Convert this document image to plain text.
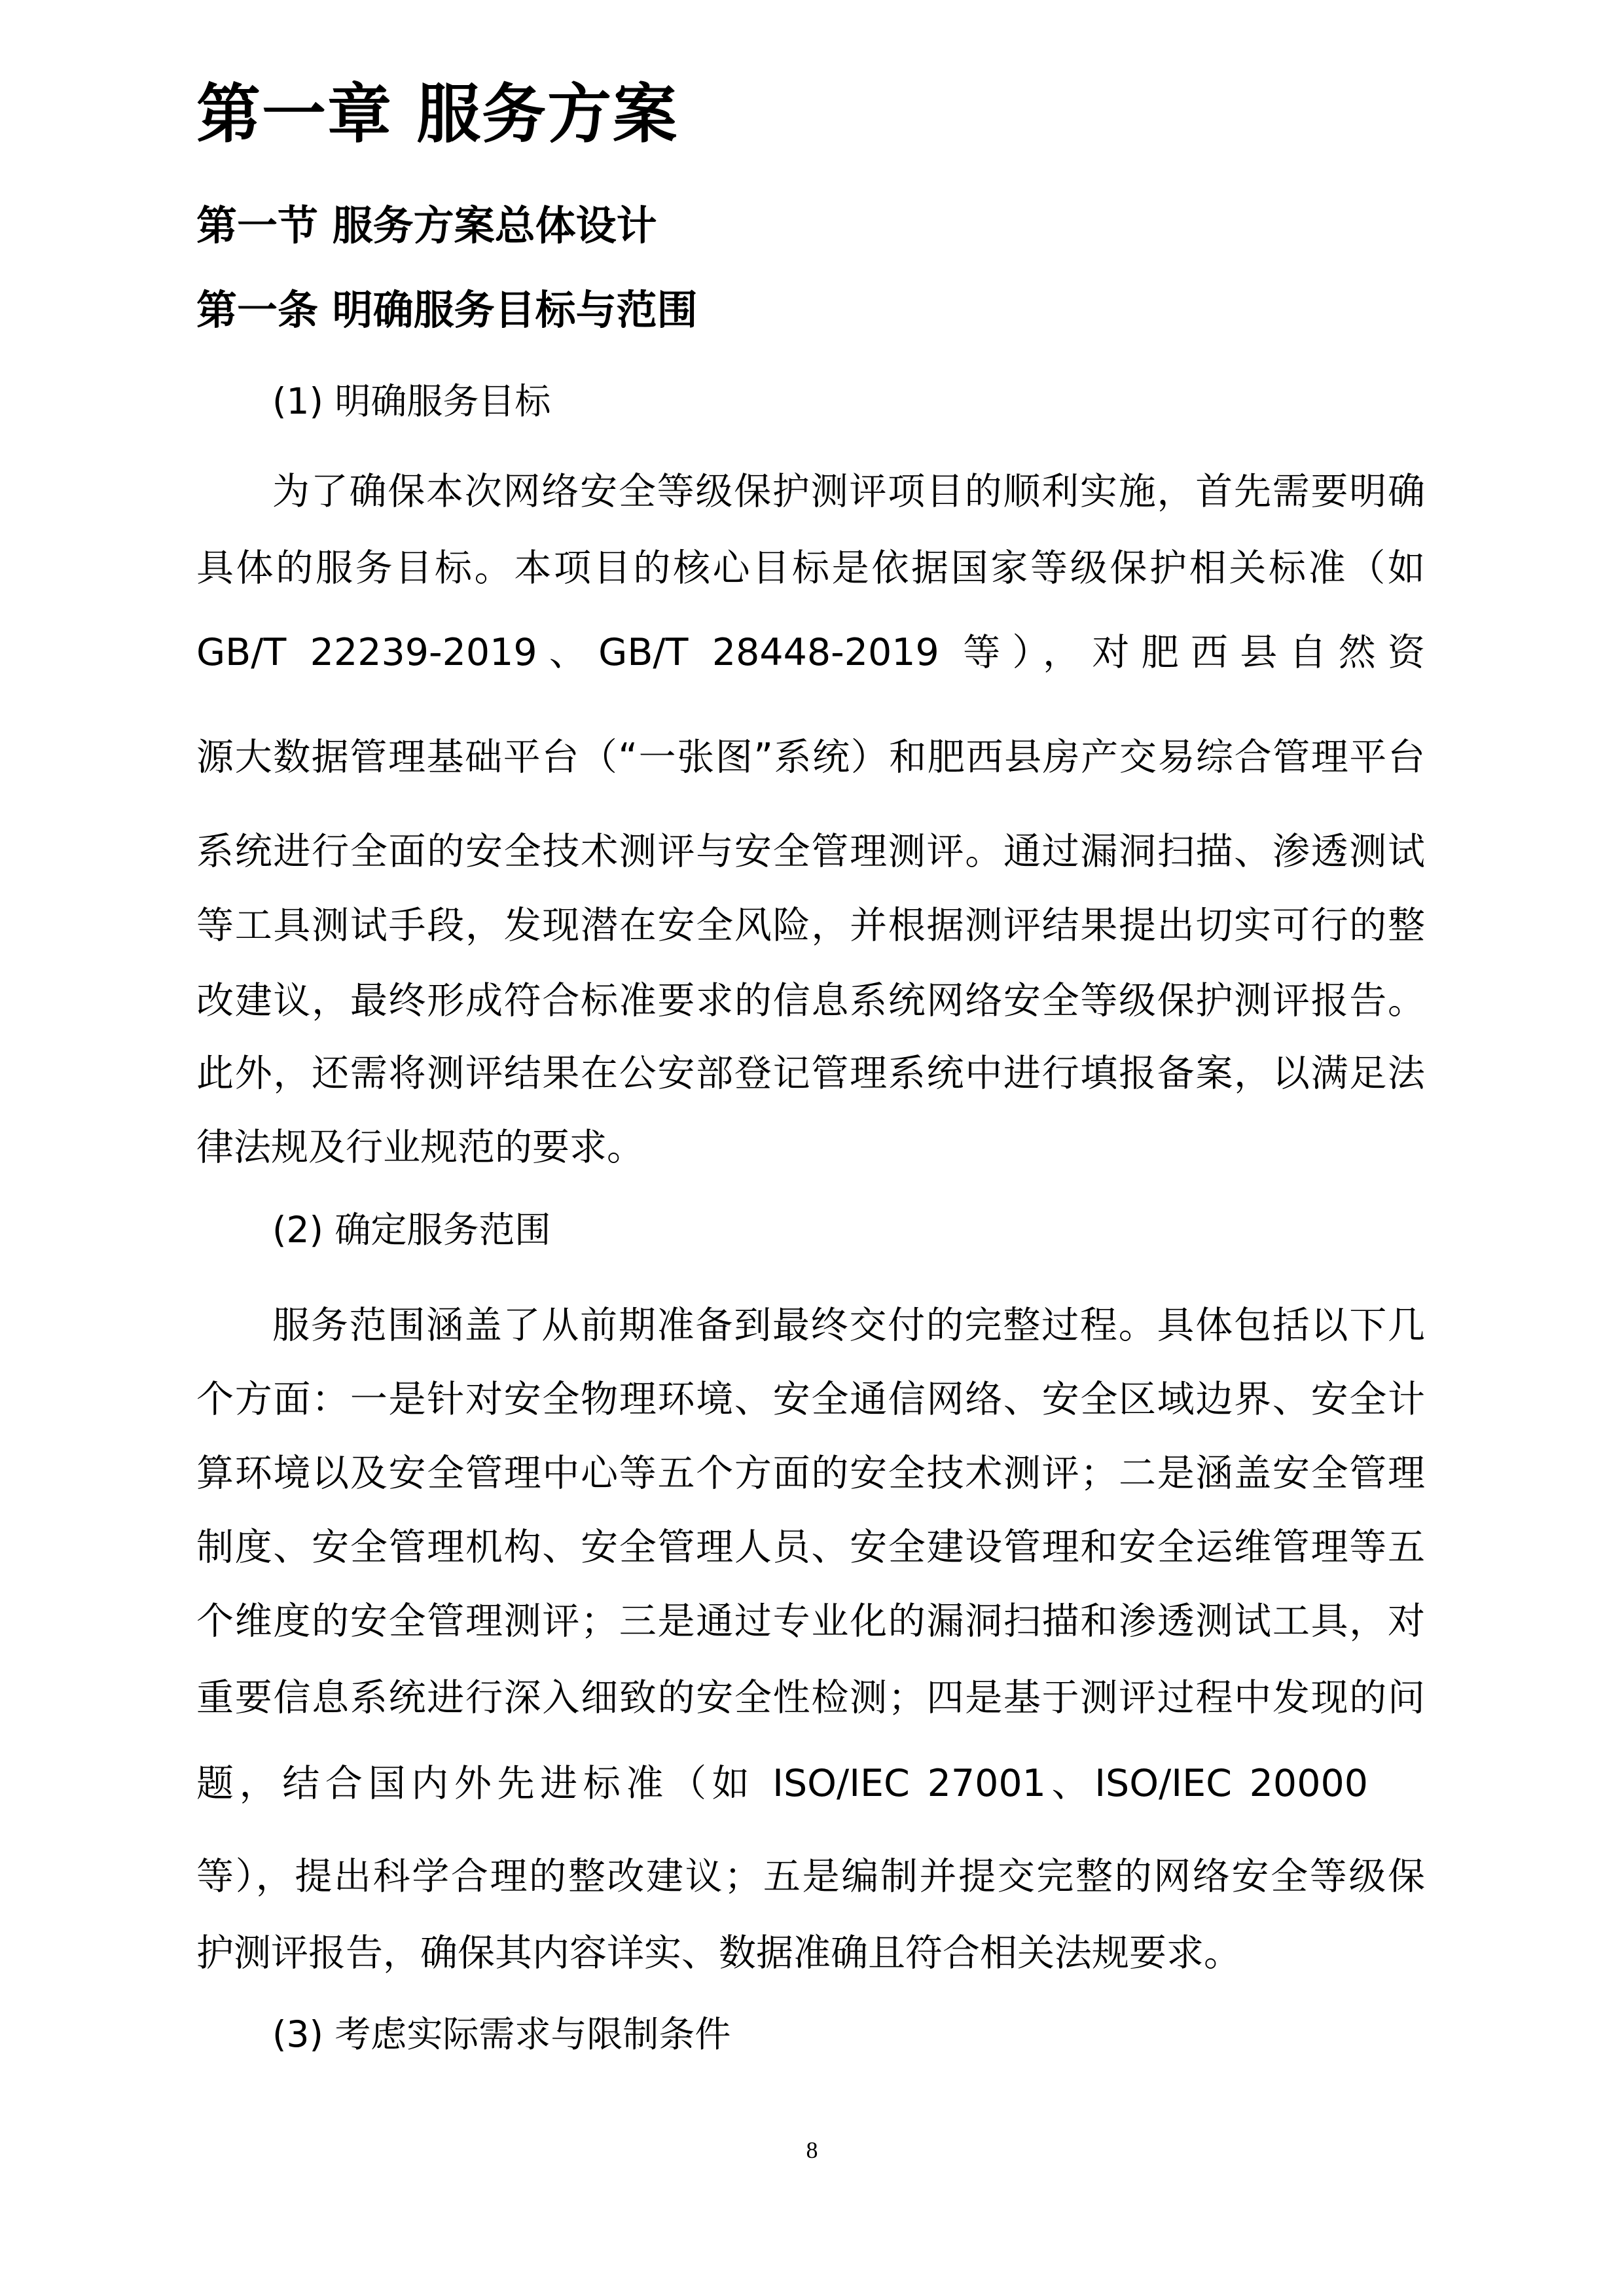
第一章 服务方案
第一节 服务方案总体设计
第一条 明确服务目标与范围
(1) 明确服务目标
为了确保本次网络安全等级保护测评项目的顺利实施，首先需要明确
具体的服务目标。本项目的核心目标是依据国家等级保护相关标准（如
GB/T 22239-2019、GB/T 28448-2019 等），对肥西县自然资
源大数据管理基础平台（“一张图”系统）和肥西县房产交易综合管理平台
系统进行全面的安全技术测评与安全管理测评。通过漏洞扫描、渗透测试
等工具测试手段，发现潜在安全风险，并根据测评结果提出切实可行的整
改建议，最终形成符合标准要求的信息系统网络安全等级保护测评报告。
此外，还需将测评结果在公安部登记管理系统中进行填报备案，以满足法
律法规及行业规范的要求。
(2) 确定服务范围
服务范围涵盖了从前期准备到最终交付的完整过程。具体包括以下几
个方面：一是针对安全物理环境、安全通信网络、安全区域边界、安全计
算环境以及安全管理中心等五个方面的安全技术测评；二是涵盖安全管理
制度、安全管理机构、安全管理人员、安全建设管理和安全运维管理等五
个维度的安全管理测评；三是通过专业化的漏洞扫描和渗透测试工具，对
重要信息系统进行深入细致的安全性检测；四是基于测评过程中发现的问
题，结合国内外先进标准（如 ISO/IEC 27001、ISO/IEC 20000
等），提出科学合理的整改建议；五是编制并提交完整的网络安全等级保
护测评报告，确保其内容详实、数据准确且符合相关法规要求。
(3) 考虑实际需求与限制条件
8
